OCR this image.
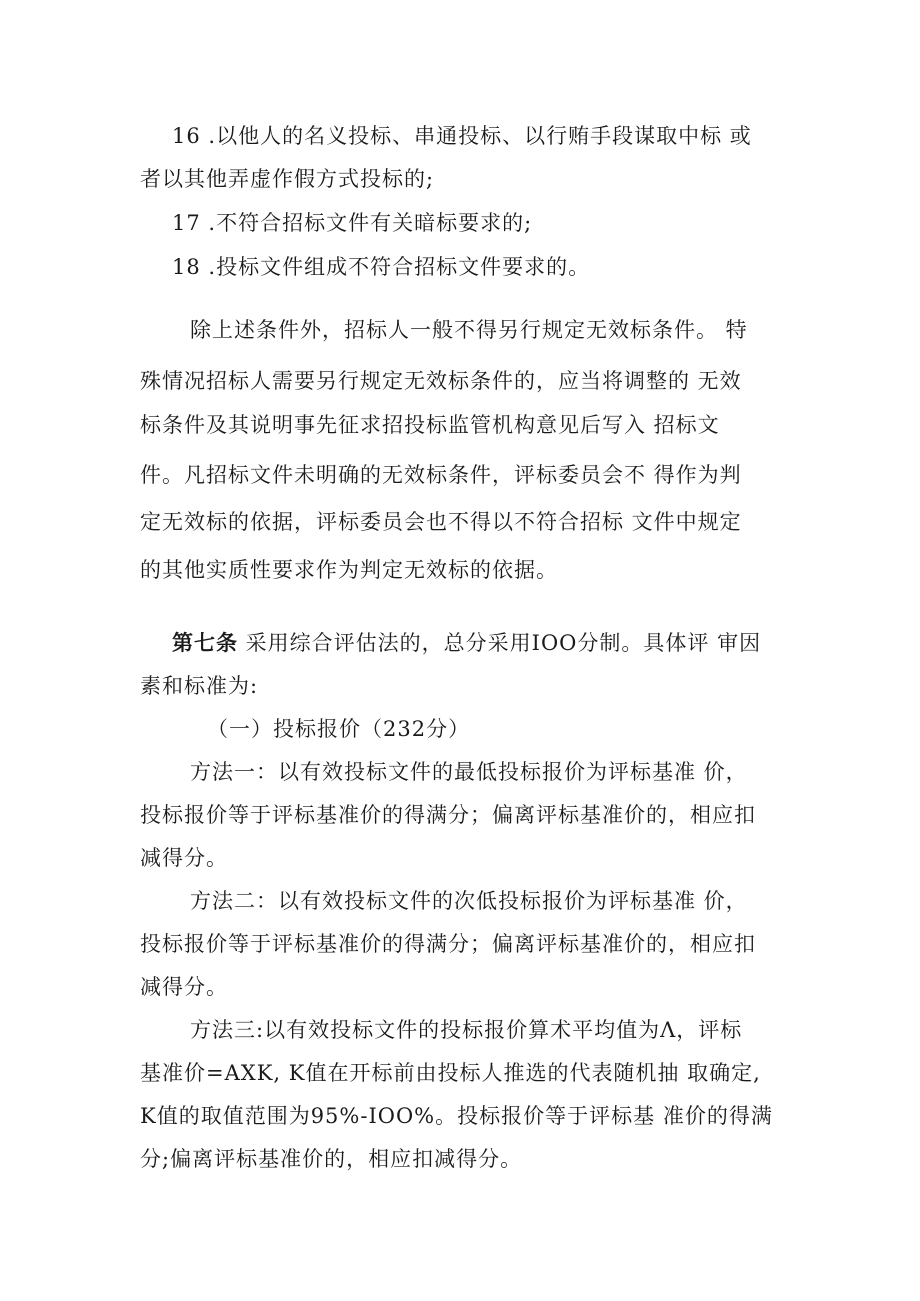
16 .以他人的名义投标、串通投标、以行贿手段谋取中标 或
者以其他弄虚作假方式投标的;
17 .不符合招标文件有关暗标要求的;
18 .投标文件组成不符合招标文件要求的。
除上述条件外，招标人一般不得另行规定无效标条件。 特
殊情况招标人需要另行规定无效标条件的，应当将调整的 无效
标条件及其说明事先征求招投标监管机构意见后写入 招标文
件。凡招标文件未明确的无效标条件，评标委员会不 得作为判
定无效标的依据，评标委员会也不得以不符合招标 文件中规定
的其他实质性要求作为判定无效标的依据。
第七条 采用综合评估法的，总分采用IOO分制。具体评 审因
素和标准为:
（一）投标报价（232分）
方法一：以有效投标文件的最低投标报价为评标基准 价，
投标报价等于评标基准价的得满分；偏离评标基准价的，相应扣
减得分。
方法二：以有效投标文件的次低投标报价为评标基准 价，
投标报价等于评标基准价的得满分；偏离评标基准价的，相应扣
减得分。
方法三:以有效投标文件的投标报价算术平均值为Λ，评标
基准价=AXK, K值在开标前由投标人推选的代表随机抽 取确定,
K值的取值范围为95%-IOO%。投标报价等于评标基 准价的得满
分;偏离评标基准价的，相应扣减得分。
